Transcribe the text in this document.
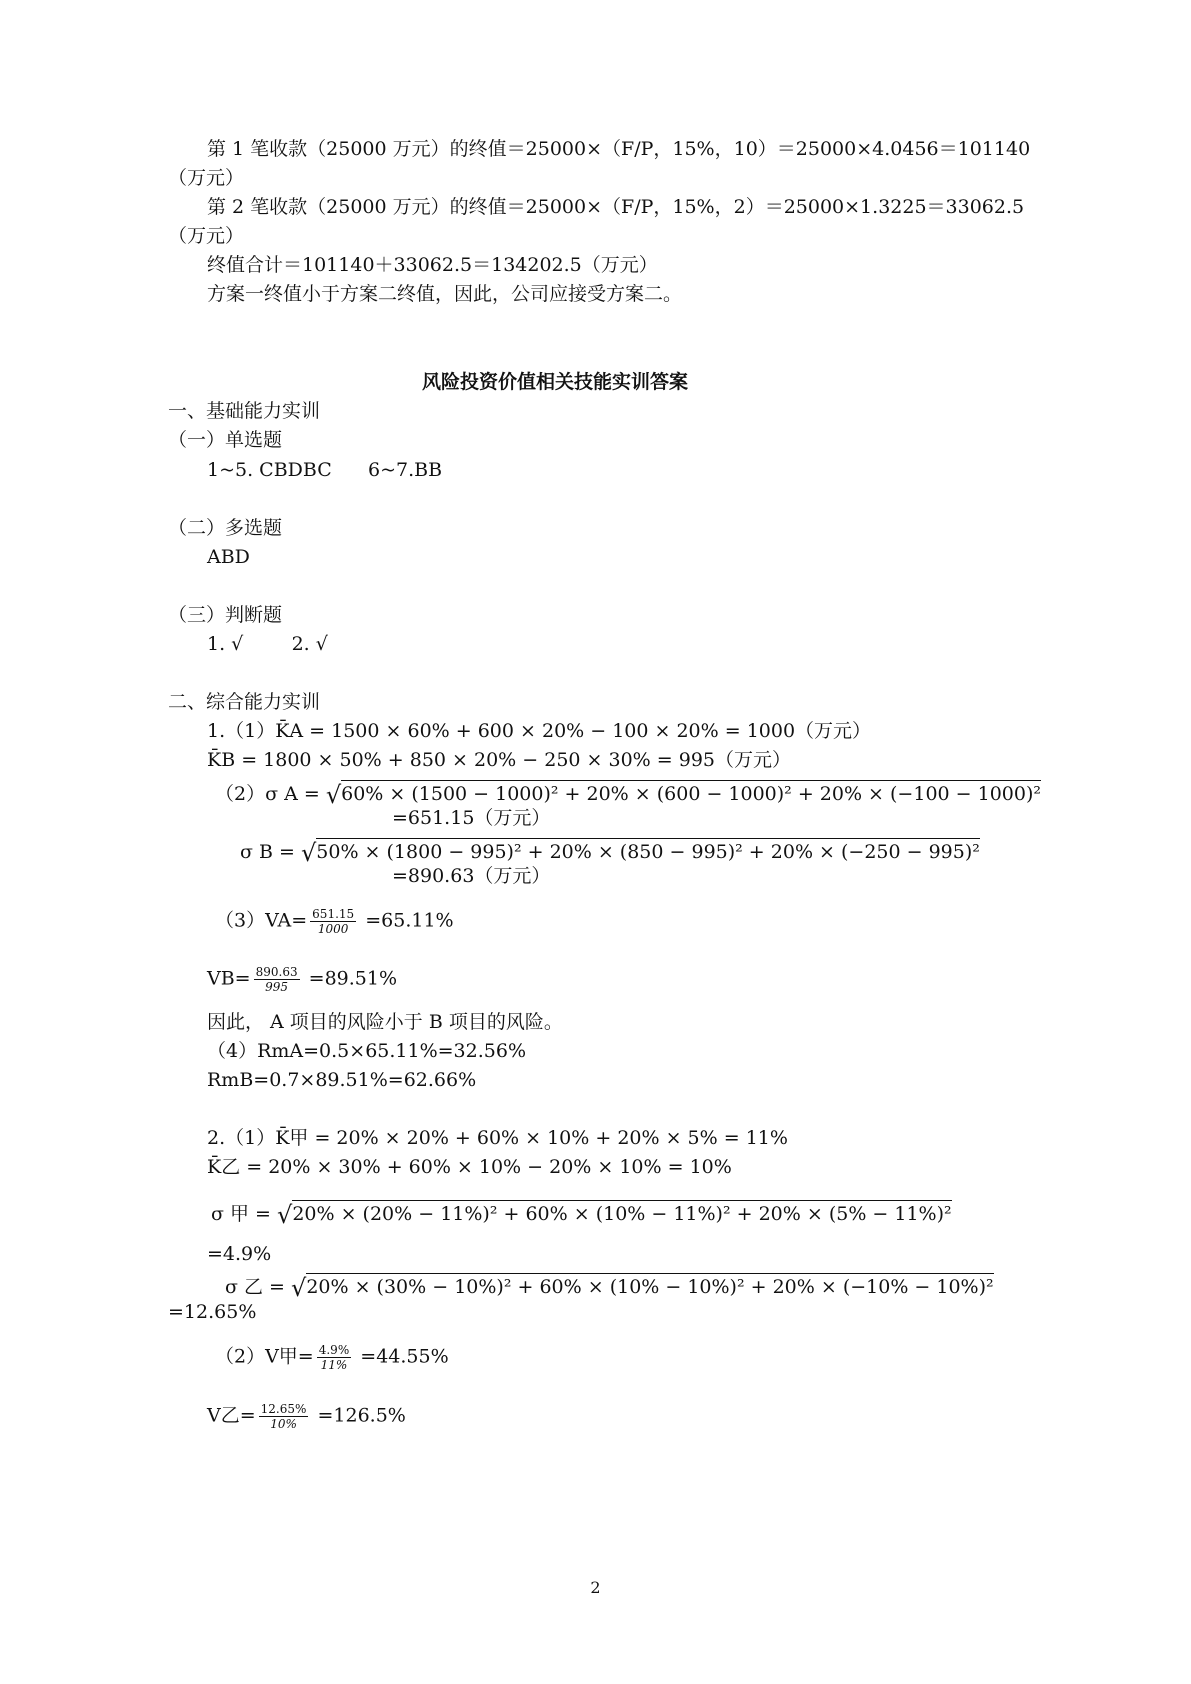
第 1 笔收款（25000 万元）的终值＝25000×（F/P，15%，10）＝25000×4.0456＝101140
（万元）
第 2 笔收款（25000 万元）的终值＝25000×（F/P，15%，2）＝25000×1.3225＝33062.5
（万元）
终值合计＝101140＋33062.5＝134202.5（万元）
方案一终值小于方案二终值，因此，公司应接受方案二。
风险投资价值相关技能实训答案
一、基础能力实训
（一）单选题
1~5. CBDBC      6~7.BB
（二）多选题
ABD
（三）判断题
1. √        2. √
二、综合能力实训
1.（1）K̄A = 1500 × 60% + 600 × 20% − 100 × 20% = 1000（万元）
K̄B = 1800 × 50% + 850 × 20% − 250 × 30% = 995（万元）
（2）σ A = √60% × (1500 − 1000)² + 20% × (600 − 1000)² + 20% × (−100 − 1000)²
=651.15（万元）
σ B = √50% × (1800 − 995)² + 20% × (850 − 995)² + 20% × (−250 − 995)²
=890.63（万元）
$(3)VA= \frac{651.15}{1000} =65.11\%$
$VB= \frac{890.63}{995} =89.51\%$
因此， A 项目的风险小于 B 项目的风险。
（4）RmA=0.5×65.11%=32.56%
RmB=0.7×89.51%=62.66%
2.（1）K̄甲 = 20% × 20% + 60% × 10% + 20% × 5% = 11%
K̄乙 = 20% × 30% + 60% × 10% − 20% × 10% = 10%
σ 甲 = √20% × (20% − 11%)² + 60% × (10% − 11%)² + 20% × (5% − 11%)²
=4.9%
σ 乙 = √20% × (30% − 10%)² + 60% × (10% − 10%)² + 20% × (−10% − 10%)²
=12.65%
（2）V甲= $\frac{4.9\%}{11\%} =44.55\%$
V乙= $\frac{12.65\%}{10\%} =126.5\%$
2
